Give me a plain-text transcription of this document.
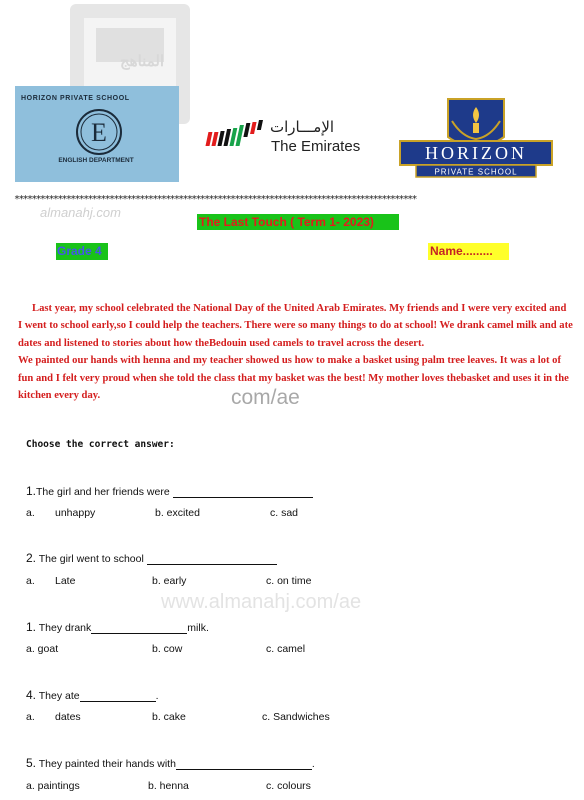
المناهج
HORIZON PRIVATE SCHOOL
E
ENGLISH DEPARTMENT
الإمـــارات
The Emirates	HORIZON
PRIVATE SCHOOL
*********************************************************************************************
almanahj.com
The Last Touch ( Term 1- 2023)
Grade 4	Name.........

Last year, my school celebrated the National Day of the United Arab Emirates. My friends and I were very excited and I went to school early,so I could help the teachers. There were so many things to do at school! We drank camel milk and ate dates and listened to stories about how theBedouin used camels to travel across the desert.

We painted our hands with henna and my teacher showed us how to make a basket using palm tree leaves. It was a lot of fun and I felt very proud when she told the class that my basket was the best! My mother loves thebasket and uses it in the kitchen every day.	com/ae
www.almanahj.com/ae
Choose the correct answer:
1.The girl and her friends were
a. unhappy	b. excited	c. sad
2. The girl went to school
a. Late	b. early	c. on time
1. They drank	milk.
a. goat	b. cow	c. camel
4. They ate	.
a. dates	b. cake	c. Sandwiches
5. They painted their hands with	.
a. paintings	b. henna	c. colours
